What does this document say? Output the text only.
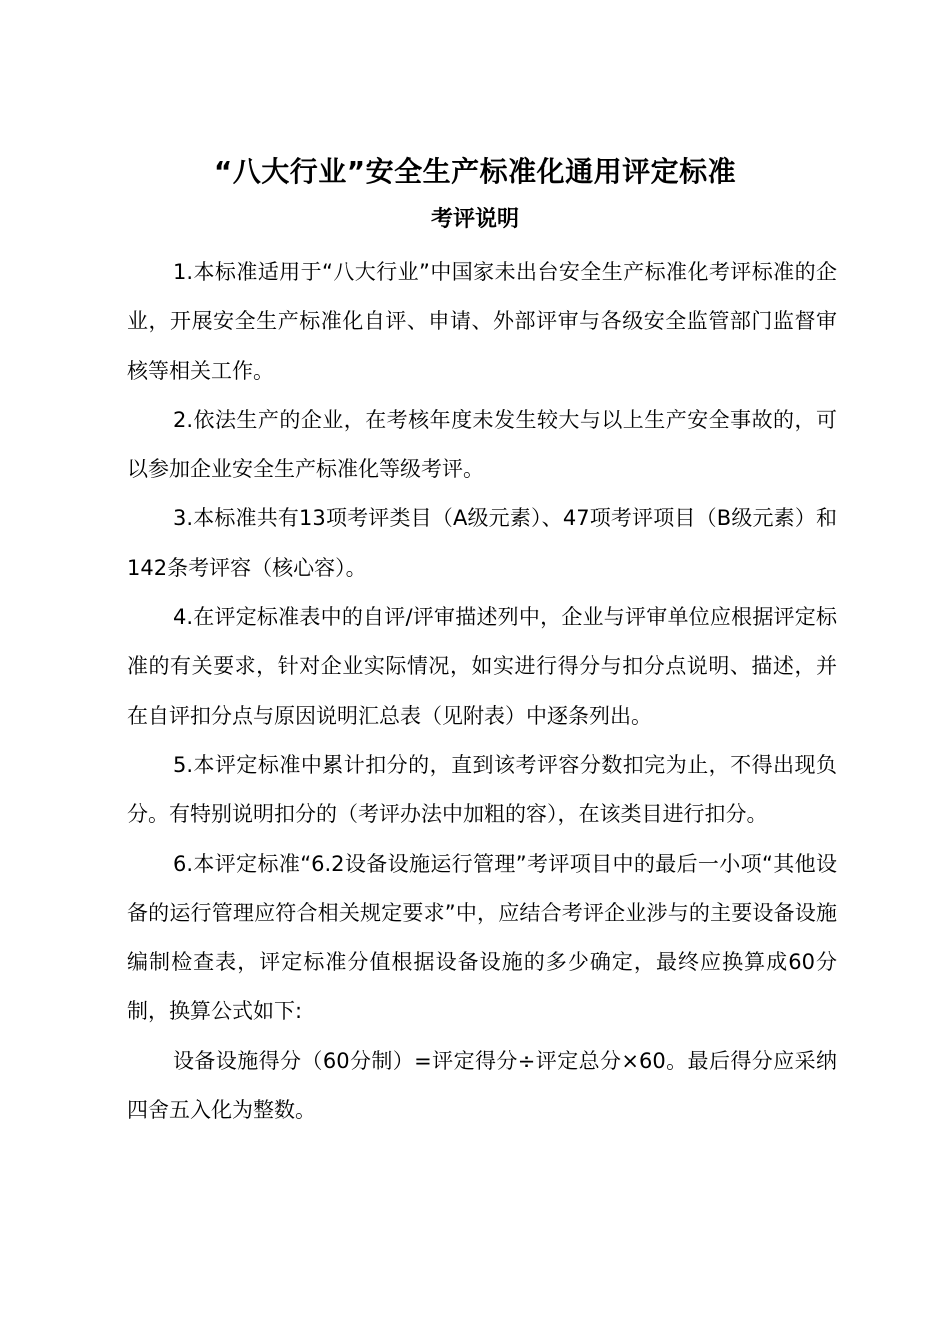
“八大行业”安全生产标准化通用评定标准
考评说明

1.本标准适用于“八大行业”中国家未出台安全生产标准化考评标准的企业，开展安全生产标准化自评、申请、外部评审与各级安全监管部门监督审核等相关工作。

2.依法生产的企业，在考核年度未发生较大与以上生产安全事故的，可以参加企业安全生产标准化等级考评。

3.本标准共有13项考评类目（A级元素）、47项考评项目（B级元素）和142条考评容（核心容）。

4.在评定标准表中的自评/评审描述列中，企业与评审单位应根据评定标准的有关要求，针对企业实际情况，如实进行得分与扣分点说明、描述，并在自评扣分点与原因说明汇总表（见附表）中逐条列出。

5.本评定标准中累计扣分的，直到该考评容分数扣完为止，不得出现负分。有特别说明扣分的（考评办法中加粗的容），在该类目进行扣分。

6.本评定标准“6.2设备设施运行管理”考评项目中的最后一小项“其他设备的运行管理应符合相关规定要求”中，应结合考评企业涉与的主要设备设施编制检查表，评定标准分值根据设备设施的多少确定，最终应换算成60分制，换算公式如下:

设备设施得分（60分制）=评定得分÷评定总分×60。最后得分应采纳四舍五入化为整数。
